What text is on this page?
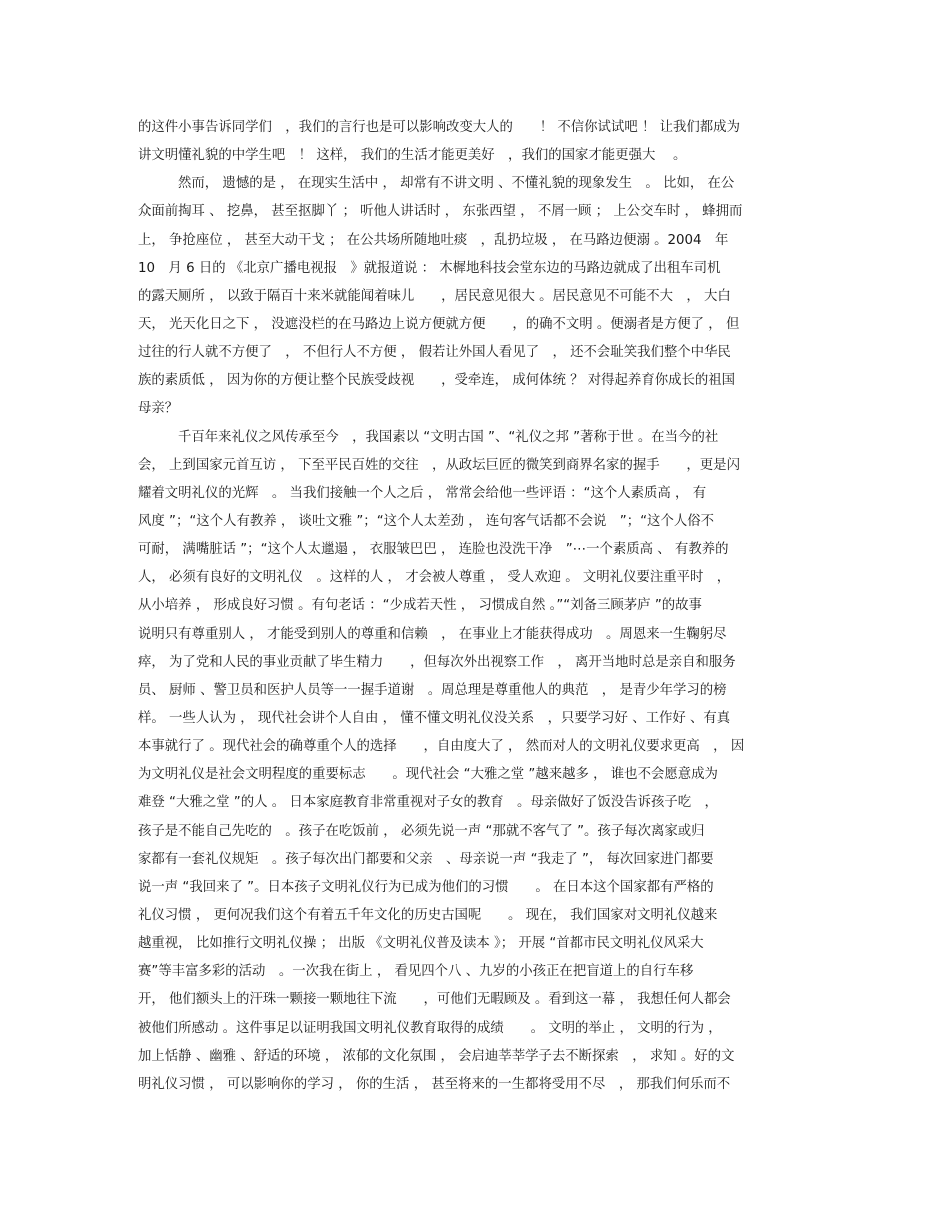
的这件小事告诉同学们　，我们的言行也是可以影响改变大人的　　！ 不信你试试吧 ！ 让我们都成为
讲文明懂礼貌的中学生吧　！ 这样， 我们的生活才能更美好　，我们的国家才能更强大　 。
然而， 遗憾的是 ， 在现实生活中 ， 却常有不讲文明 、不懂礼貌的现象发生　。 比如， 在公
众面前掏耳 、 挖鼻， 甚至抠脚丫 ； 听他人讲话时 ， 东张西望 ， 不屑一顾 ； 上公交车时 ， 蜂拥而
上， 争抢座位 ， 甚至大动干戈 ； 在公共场所随地吐痰　，乱扔垃圾 ， 在马路边便溺 。2004　年
10　月 6 日的 《北京广播电视报　》就报道说 ： 木樨地科技会堂东边的马路边就成了出租车司机
的露天厕所 ， 以致于隔百十来米就能闻着味儿　　，居民意见很大 。居民意见不可能不大　， 大白
天， 光天化日之下 ， 没遮没栏的在马路边上说方便就方便　　，的确不文明 。便溺者是方便了 ， 但
过往的行人就不方便了　， 不但行人不方便 ， 假若让外国人看见了　， 还不会耻笑我们整个中华民
族的素质低 ， 因为你的方便让整个民族受歧视　　，受牵连， 成何体统 ？ 对得起养育你成长的祖国
母亲？
千百年来礼仪之风传承至今　，我国素以 “文明古国 ”、“礼仪之邦 ”著称于世 。在当今的社
会， 上到国家元首互访 ， 下至平民百姓的交往　，从政坛巨匠的微笑到商界名家的握手　　，更是闪
耀着文明礼仪的光辉　。 当我们接触一个人之后 ， 常常会给他一些评语 ：“这个人素质高 ， 有
风度 ”；“这个人有教养 ， 谈吐文雅 ”；“这个人太差劲 ， 连句客气话都不会说　”；“这个人俗不
可耐， 满嘴脏话 ”；“这个人太邋遢 ， 衣服皱巴巴 ， 连脸也没洗干净　”⋯一个素质高 、 有教养的
人， 必须有良好的文明礼仪　。这样的人 ， 才会被人尊重 ， 受人欢迎 。 文明礼仪要注重平时　，
从小培养 ， 形成良好习惯 。有句老话 ：“少成若天性 ， 习惯成自然 。”“刘备三顾茅庐 ”的故事
说明只有尊重别人 ， 才能受到别人的尊重和信赖　， 在事业上才能获得成功　。周恩来一生鞠躬尽
瘁， 为了党和人民的事业贡献了毕生精力　　，但每次外出视察工作　， 离开当地时总是亲自和服务
员、 厨师 、警卫员和医护人员等一一握手道谢　。周总理是尊重他人的典范　， 是青少年学习的榜
样。 一些人认为 ， 现代社会讲个人自由 ， 懂不懂文明礼仪没关系　，只要学习好 、工作好 、有真
本事就行了 。现代社会的确尊重个人的选择　　，自由度大了 ， 然而对人的文明礼仪要求更高　， 因
为文明礼仪是社会文明程度的重要标志　　。现代社会 “大雅之堂 ”越来越多 ， 谁也不会愿意成为
难登 “大雅之堂 ”的人 。 日本家庭教育非常重视对子女的教育　。母亲做好了饭没告诉孩子吃　，
孩子是不能自己先吃的　。孩子在吃饭前 ， 必须先说一声 “那就不客气了 ”。孩子每次离家或归
家都有一套礼仪规矩　。孩子每次出门都要和父亲　、母亲说一声 “我走了 ”， 每次回家进门都要
说一声 “我回来了 ”。日本孩子文明礼仪行为已成为他们的习惯　　。 在日本这个国家都有严格的
礼仪习惯 ， 更何况我们这个有着五千年文化的历史古国呢　　。 现在， 我们国家对文明礼仪越来
越重视， 比如推行文明礼仪操 ； 出版 《文明礼仪普及读本 》； 开展 “首都市民文明礼仪风采大
赛”等丰富多彩的活动　。一次我在街上 ， 看见四个八 、九岁的小孩正在把盲道上的自行车移
开， 他们额头上的汗珠一颗接一颗地往下流　　，可他们无暇顾及 。看到这一幕 ， 我想任何人都会
被他们所感动 。这件事足以证明我国文明礼仪教育取得的成绩　　。 文明的举止 ， 文明的行为 ，
加上恬静 、幽雅 、舒适的环境 ， 浓郁的文化氛围 ， 会启迪莘莘学子去不断探索　， 求知 。好的文
明礼仪习惯 ， 可以影响你的学习 ， 你的生活 ， 甚至将来的一生都将受用不尽　， 那我们何乐而不
